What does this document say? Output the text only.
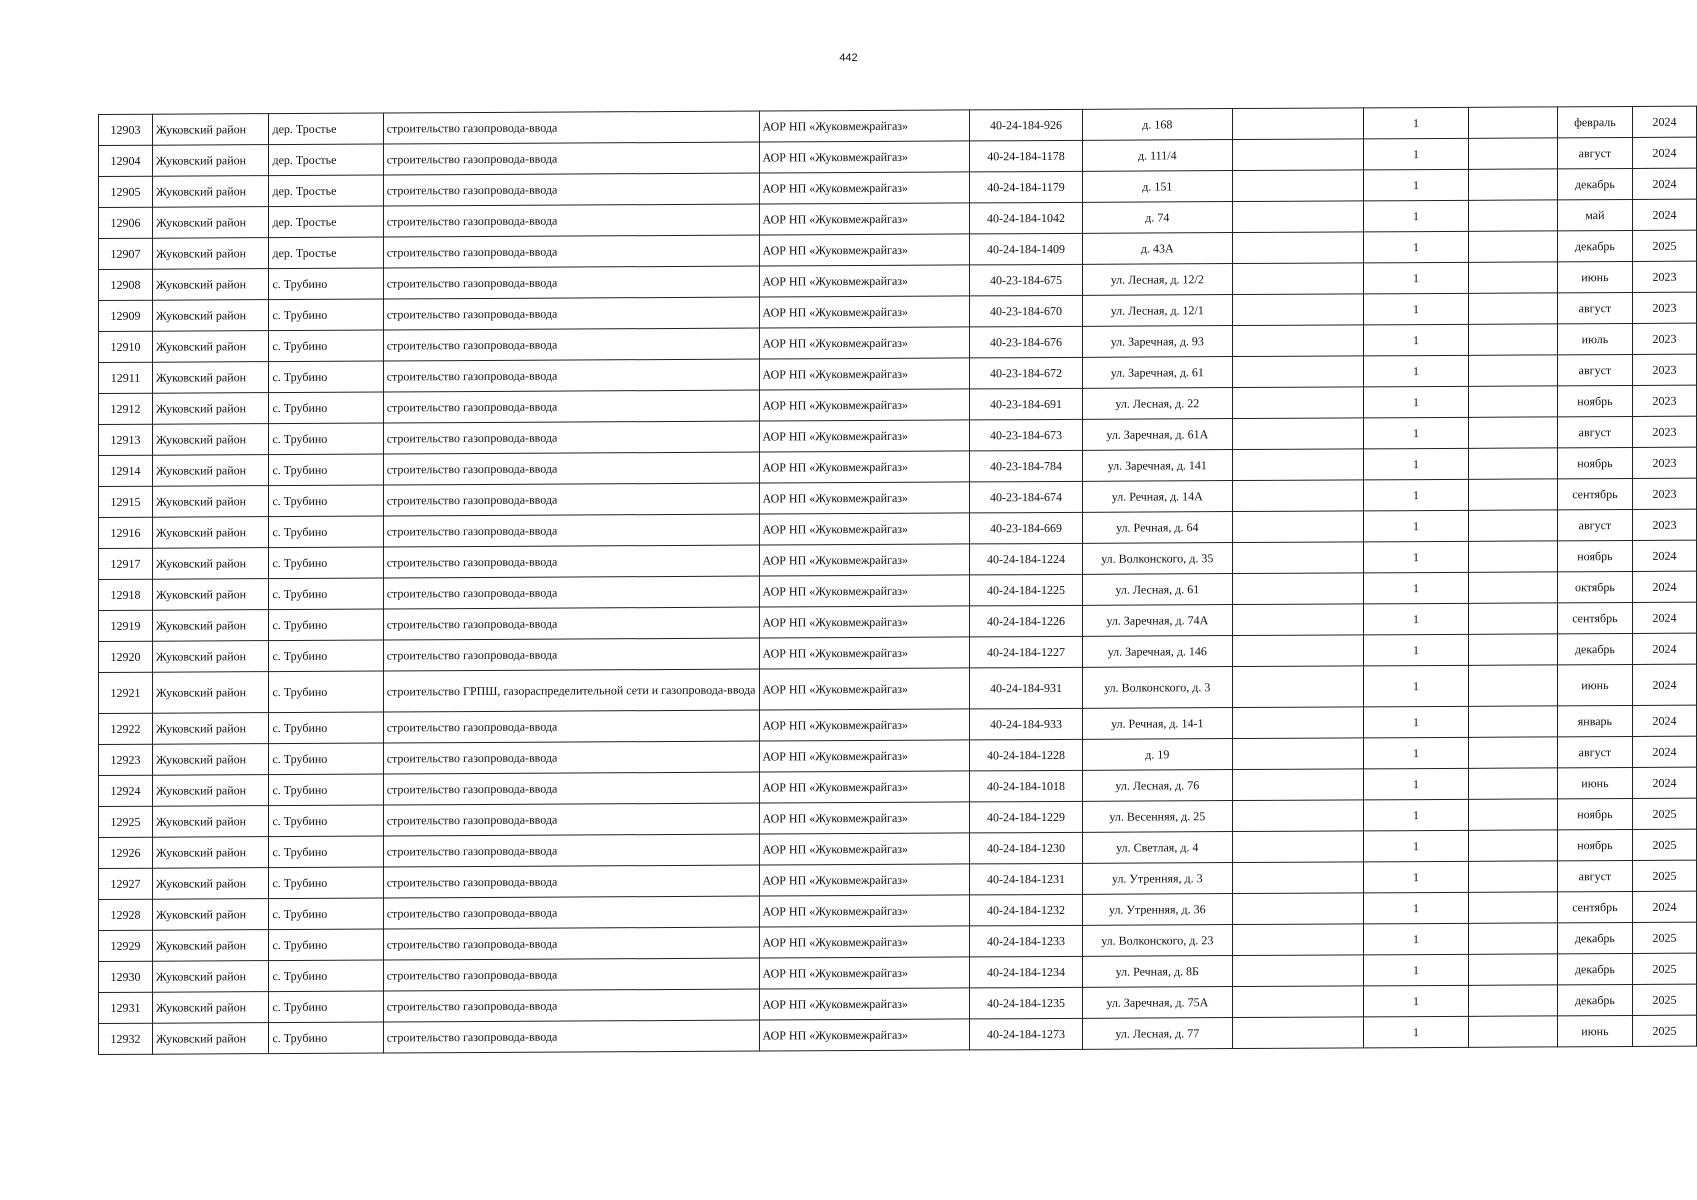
442
12903	Жуковский район	дер. Тростье	строительство газопровода-ввода	АОР НП «Жуковмежрайгаз»	40-24-184-926	д. 168		1		февраль	2024
12904	Жуковский район	дер. Тростье	строительство газопровода-ввода	АОР НП «Жуковмежрайгаз»	40-24-184-1178	д. 111/4		1		август	2024
12905	Жуковский район	дер. Тростье	строительство газопровода-ввода	АОР НП «Жуковмежрайгаз»	40-24-184-1179	д. 151		1		декабрь	2024
12906	Жуковский район	дер. Тростье	строительство газопровода-ввода	АОР НП «Жуковмежрайгаз»	40-24-184-1042	д. 74		1		май	2024
12907	Жуковский район	дер. Тростье	строительство газопровода-ввода	АОР НП «Жуковмежрайгаз»	40-24-184-1409	д. 43А		1		декабрь	2025
12908	Жуковский район	с. Трубино	строительство газопровода-ввода	АОР НП «Жуковмежрайгаз»	40-23-184-675	ул. Лесная, д. 12/2		1		июнь	2023
12909	Жуковский район	с. Трубино	строительство газопровода-ввода	АОР НП «Жуковмежрайгаз»	40-23-184-670	ул. Лесная, д. 12/1		1		август	2023
12910	Жуковский район	с. Трубино	строительство газопровода-ввода	АОР НП «Жуковмежрайгаз»	40-23-184-676	ул. Заречная, д. 93		1		июль	2023
12911	Жуковский район	с. Трубино	строительство газопровода-ввода	АОР НП «Жуковмежрайгаз»	40-23-184-672	ул. Заречная, д. 61		1		август	2023
12912	Жуковский район	с. Трубино	строительство газопровода-ввода	АОР НП «Жуковмежрайгаз»	40-23-184-691	ул. Лесная, д. 22		1		ноябрь	2023
12913	Жуковский район	с. Трубино	строительство газопровода-ввода	АОР НП «Жуковмежрайгаз»	40-23-184-673	ул. Заречная, д. 61А		1		август	2023
12914	Жуковский район	с. Трубино	строительство газопровода-ввода	АОР НП «Жуковмежрайгаз»	40-23-184-784	ул. Заречная, д. 141		1		ноябрь	2023
12915	Жуковский район	с. Трубино	строительство газопровода-ввода	АОР НП «Жуковмежрайгаз»	40-23-184-674	ул. Речная, д. 14А		1		сентябрь	2023
12916	Жуковский район	с. Трубино	строительство газопровода-ввода	АОР НП «Жуковмежрайгаз»	40-23-184-669	ул. Речная, д. 64		1		август	2023
12917	Жуковский район	с. Трубино	строительство газопровода-ввода	АОР НП «Жуковмежрайгаз»	40-24-184-1224	ул. Волконского, д. 35		1		ноябрь	2024
12918	Жуковский район	с. Трубино	строительство газопровода-ввода	АОР НП «Жуковмежрайгаз»	40-24-184-1225	ул. Лесная, д. 61		1		октябрь	2024
12919	Жуковский район	с. Трубино	строительство газопровода-ввода	АОР НП «Жуковмежрайгаз»	40-24-184-1226	ул. Заречная, д. 74А		1		сентябрь	2024
12920	Жуковский район	с. Трубино	строительство газопровода-ввода	АОР НП «Жуковмежрайгаз»	40-24-184-1227	ул. Заречная, д. 146		1		декабрь	2024
12921	Жуковский район	с. Трубино	строительство ГРПШ, газораспределительной сети и газопровода-ввода	АОР НП «Жуковмежрайгаз»	40-24-184-931	ул. Волконского, д. 3		1		июнь	2024
12922	Жуковский район	с. Трубино	строительство газопровода-ввода	АОР НП «Жуковмежрайгаз»	40-24-184-933	ул. Речная, д. 14-1		1		январь	2024
12923	Жуковский район	с. Трубино	строительство газопровода-ввода	АОР НП «Жуковмежрайгаз»	40-24-184-1228	д. 19		1		август	2024
12924	Жуковский район	с. Трубино	строительство газопровода-ввода	АОР НП «Жуковмежрайгаз»	40-24-184-1018	ул. Лесная, д. 76		1		июнь	2024
12925	Жуковский район	с. Трубино	строительство газопровода-ввода	АОР НП «Жуковмежрайгаз»	40-24-184-1229	ул. Весенняя, д. 25		1		ноябрь	2025
12926	Жуковский район	с. Трубино	строительство газопровода-ввода	АОР НП «Жуковмежрайгаз»	40-24-184-1230	ул. Светлая, д. 4		1		ноябрь	2025
12927	Жуковский район	с. Трубино	строительство газопровода-ввода	АОР НП «Жуковмежрайгаз»	40-24-184-1231	ул. Утренняя, д. 3		1		август	2025
12928	Жуковский район	с. Трубино	строительство газопровода-ввода	АОР НП «Жуковмежрайгаз»	40-24-184-1232	ул. Утренняя, д. 36		1		сентябрь	2024
12929	Жуковский район	с. Трубино	строительство газопровода-ввода	АОР НП «Жуковмежрайгаз»	40-24-184-1233	ул. Волконского, д. 23		1		декабрь	2025
12930	Жуковский район	с. Трубино	строительство газопровода-ввода	АОР НП «Жуковмежрайгаз»	40-24-184-1234	ул. Речная, д. 8Б		1		декабрь	2025
12931	Жуковский район	с. Трубино	строительство газопровода-ввода	АОР НП «Жуковмежрайгаз»	40-24-184-1235	ул. Заречная, д. 75А		1		декабрь	2025
12932	Жуковский район	с. Трубино	строительство газопровода-ввода	АОР НП «Жуковмежрайгаз»	40-24-184-1273	ул. Лесная, д. 77		1		июнь	2025
